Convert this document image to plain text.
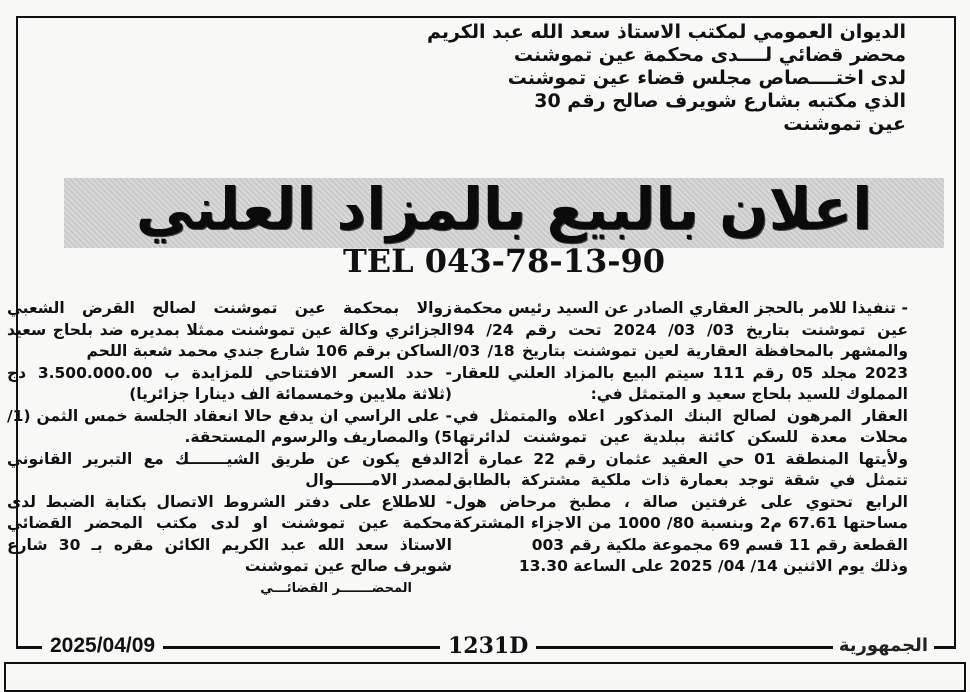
الديوان العمومي لمكتب الاستاذ سعد الله عبد الكريم
محضر قضائي لــــدى محكمة عين تموشنت
لدى اختــــصاص مجلس قضاء عين تموشنت
الذي مكتبه بشارع شويرف صالح رقم 30
عين تموشنت
اعلان بالبيع بالمزاد العلني
TEL 043-78-13-90

- تنفيذا للامر بالحجز العقاري الصادر عن السيد رئيس محكمة عين تموشنت بتاريخ 03/ 03/ 2024 تحت رقم 24/ 94 والمشهر بالمحافظة العقارية لعين تموشنت بتاريخ 18/ 03/ 2023 مجلد 05 رقم 111 سيتم البيع بالمزاد العلني للعقار المملوك للسيد بلحاج سعيد و المتمثل في:

العقار المرهون لصالح البنك المذكور اعلاه والمتمثل في محلات معدة للسكن كائنة ببلدية عين تموشنت لدائرتها ولأيتها المنطقة 01 حي العقيد عثمان رقم 22 عمارة أ2 تتمثل في شقة توجد بعمارة ذات ملكية مشتركة بالطابق الرابع تحتوي على غرفتين صالة ، مطبخ مرحاض هول مساحتها 67.61 م2 وبنسبة 80/ 1000 من الاجزاء المشتركة القطعة رقم 11 قسم 69 مجموعة ملكية رقم 003

وذلك يوم الاثنين 14/ 04/ 2025 على الساعة 13.30

زوالا بمحكمة عين تموشنت لصالح القرض الشعبي الجزائري وكالة عين تموشنت ممثلا بمديره ضد بلحاج سعيد الساكن برقم 106 شارع جندي محمد شعبة اللحم

- حدد السعر الافتتاحي للمزايدة ب 3.500.000.00 دج (ثلاثة ملايين وخمسمائة الف دينارا جزائريا)

- على الراسي ان يدفع حالا انعقاد الجلسة خمس الثمن (1/ 5) والمصاريف والرسوم المستحقة.

الدفع يكون عن طريق الشيـــــــك مع التبرير القانوني لمصدر الامـــــــوال

- للاطلاع على دفتر الشروط الاتصال بكتابة الضبط لدى محكمة عين تموشنت او لدى مكتب المحضر القضائي الاستاذ سعد الله عبد الكريم الكائن مقره بـ 30 شارع شويرف صالح عين تموشنت

المحضـــــــر القضائـــي
2025/04/09	1231D	الجمهورية
